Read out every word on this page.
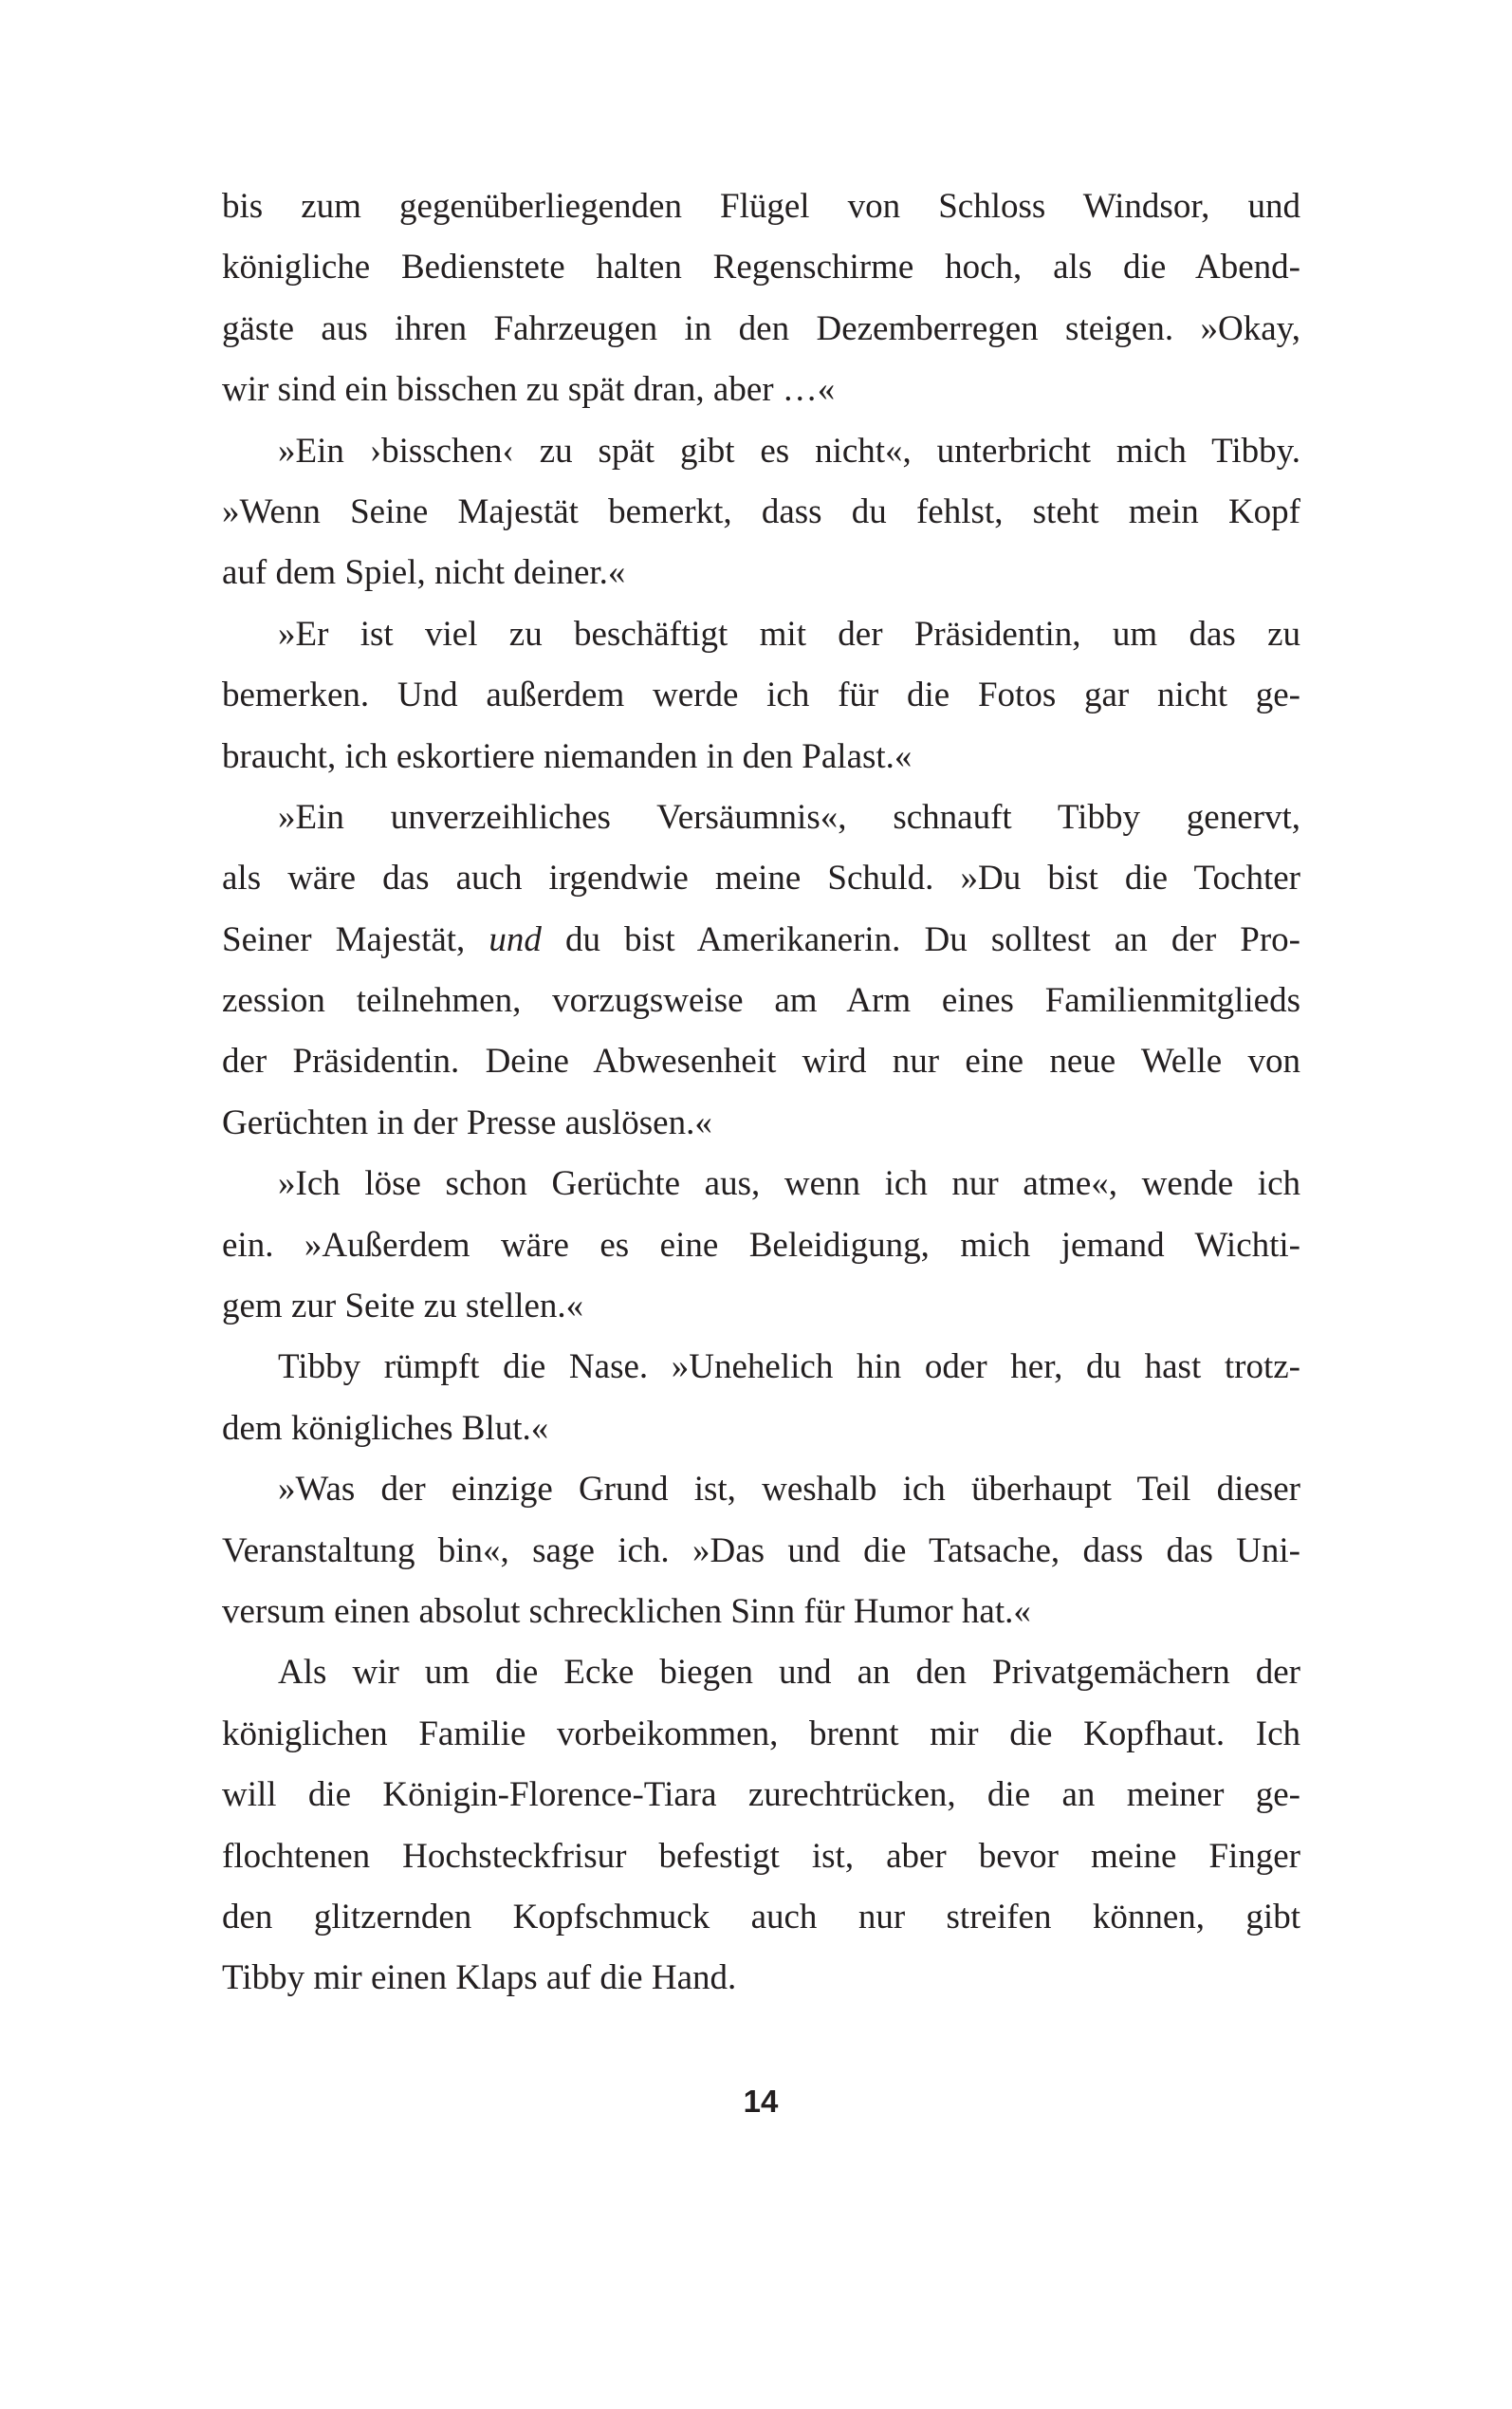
bis zum gegenüberliegenden Flügel von Schloss Windsor, und
königliche Bedienstete halten Regenschirme hoch, als die Abend-
gäste aus ihren Fahrzeugen in den Dezemberregen steigen. »Okay,
wir sind ein bisschen zu spät dran, aber …«
»Ein ›bisschen‹ zu spät gibt es nicht«, unterbricht mich Tibby.
»Wenn Seine Majestät bemerkt, dass du fehlst, steht mein Kopf
auf dem Spiel, nicht deiner.«
»Er ist viel zu beschäftigt mit der Präsidentin, um das zu
bemerken. Und außerdem werde ich für die Fotos gar nicht ge-
braucht, ich eskortiere niemanden in den Palast.«
»Ein unverzeihliches Versäumnis«, schnauft Tibby genervt,
als wäre das auch irgendwie meine Schuld. »Du bist die Tochter
Seiner Majestät, und du bist Amerikanerin. Du solltest an der Pro-
zession teilnehmen, vorzugsweise am Arm eines Familienmitglieds
der Präsidentin. Deine Abwesenheit wird nur eine neue Welle von
Gerüchten in der Presse auslösen.«
»Ich löse schon Gerüchte aus, wenn ich nur atme«, wende ich
ein. »Außerdem wäre es eine Beleidigung, mich jemand Wichti-
gem zur Seite zu stellen.«
Tibby rümpft die Nase. »Unehelich hin oder her, du hast trotz-
dem königliches Blut.«
»Was der einzige Grund ist, weshalb ich überhaupt Teil dieser
Veranstaltung bin«, sage ich. »Das und die Tatsache, dass das Uni-
versum einen absolut schrecklichen Sinn für Humor hat.«
Als wir um die Ecke biegen und an den Privatgemächern der
königlichen Familie vorbeikommen, brennt mir die Kopfhaut. Ich
will die Königin-Florence-Tiara zurechtrücken, die an meiner ge-
flochtenen Hochsteckfrisur befestigt ist, aber bevor meine Finger
den glitzernden Kopfschmuck auch nur streifen können, gibt
Tibby mir einen Klaps auf die Hand.
14
